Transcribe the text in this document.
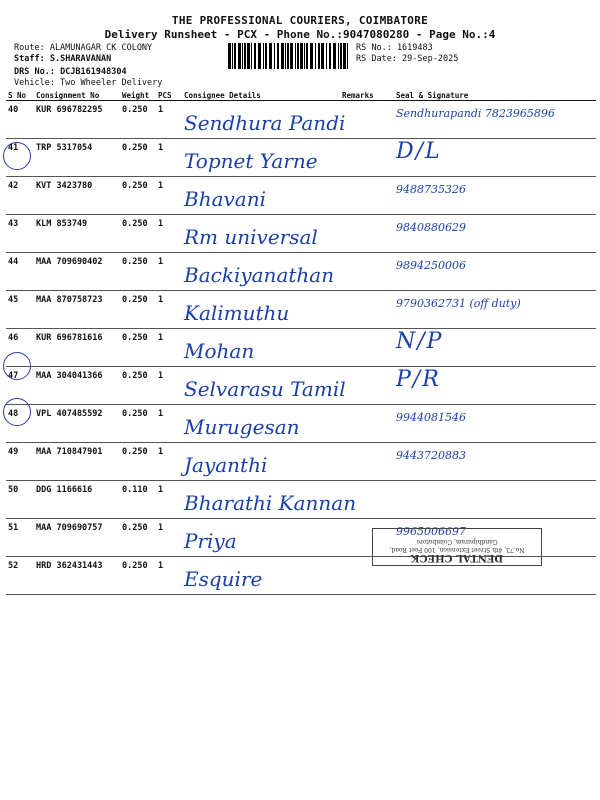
THE PROFESSIONAL COURIERS, COIMBATORE
Delivery Runsheet - PCX - Phone No.:9047080280 - Page No.:4
Route: ALAMUNAGAR CK COLONY
Staff: S.SHARAVANAN
DRS No.: DCJB161948304
Vehicle: Two Wheeler Delivery
RS No.: 1619483
RS Date: 29-Sep-2025
S No	Consignment No	Weight	PCS	Consignee Details	Remarks	Seal & Signature
40	KUR 696782295	0.250	1	Sendhura Pandi		Sendhurapandi 7823965896
41	TRP 5317054	0.250	1	Topnet Yarne		D/L
42	KVT 3423780	0.250	1	Bhavani		9488735326
43	KLM 853749	0.250	1	Rm universal		9840880629
44	MAA 709690402	0.250	1	Backiyanathan		9894250006
45	MAA 870758723	0.250	1	Kalimuthu		9790362731 (off duty)
46	KUR 696781616	0.250	1	Mohan		N/P
47	MAA 304041366	0.250	1	Selvarasu Tamil		P/R
48	VPL 407485592	0.250	1	Murugesan		9944081546
49	MAA 710847901	0.250	1	Jayanthi		9443720883
50	DDG 1166616	0.110	1	Bharathi Kannan		
51	MAA 709690757	0.250	1	Priya		9965006697
52	HRD 362431443	0.250	1	Esquire		
DENTAL CHECK
No.73, 4th Street Extension, 100 Feet Road,
Gandhipuram, Coimbatore
